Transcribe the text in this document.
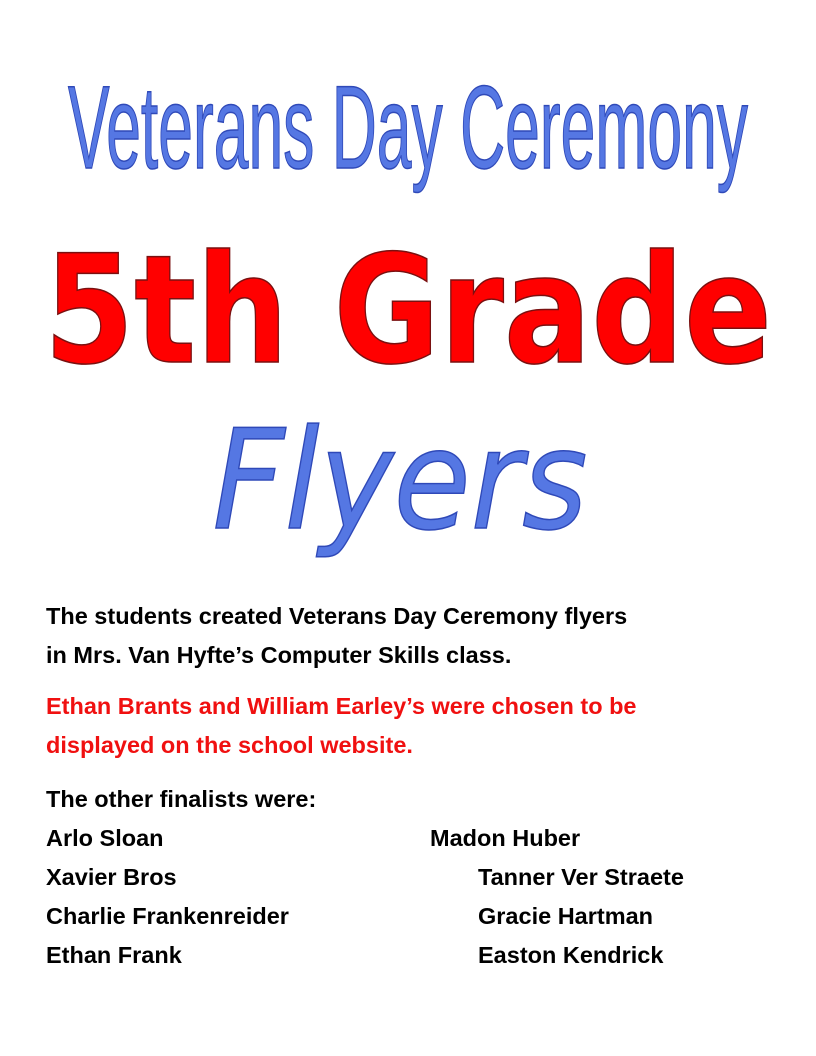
Veterans Day Ceremony
5th Grade
Flyers
The students created Veterans Day Ceremony flyers
in Mrs. Van Hyfte’s Computer Skills class.
Ethan Brants and William Earley’s were chosen to be
displayed on the school website.
The other finalists were:
Arlo Sloan
Xavier Bros
Charlie Frankenreider
Ethan Frank
Madon Huber
Tanner Ver Straete
Gracie Hartman
Easton Kendrick
